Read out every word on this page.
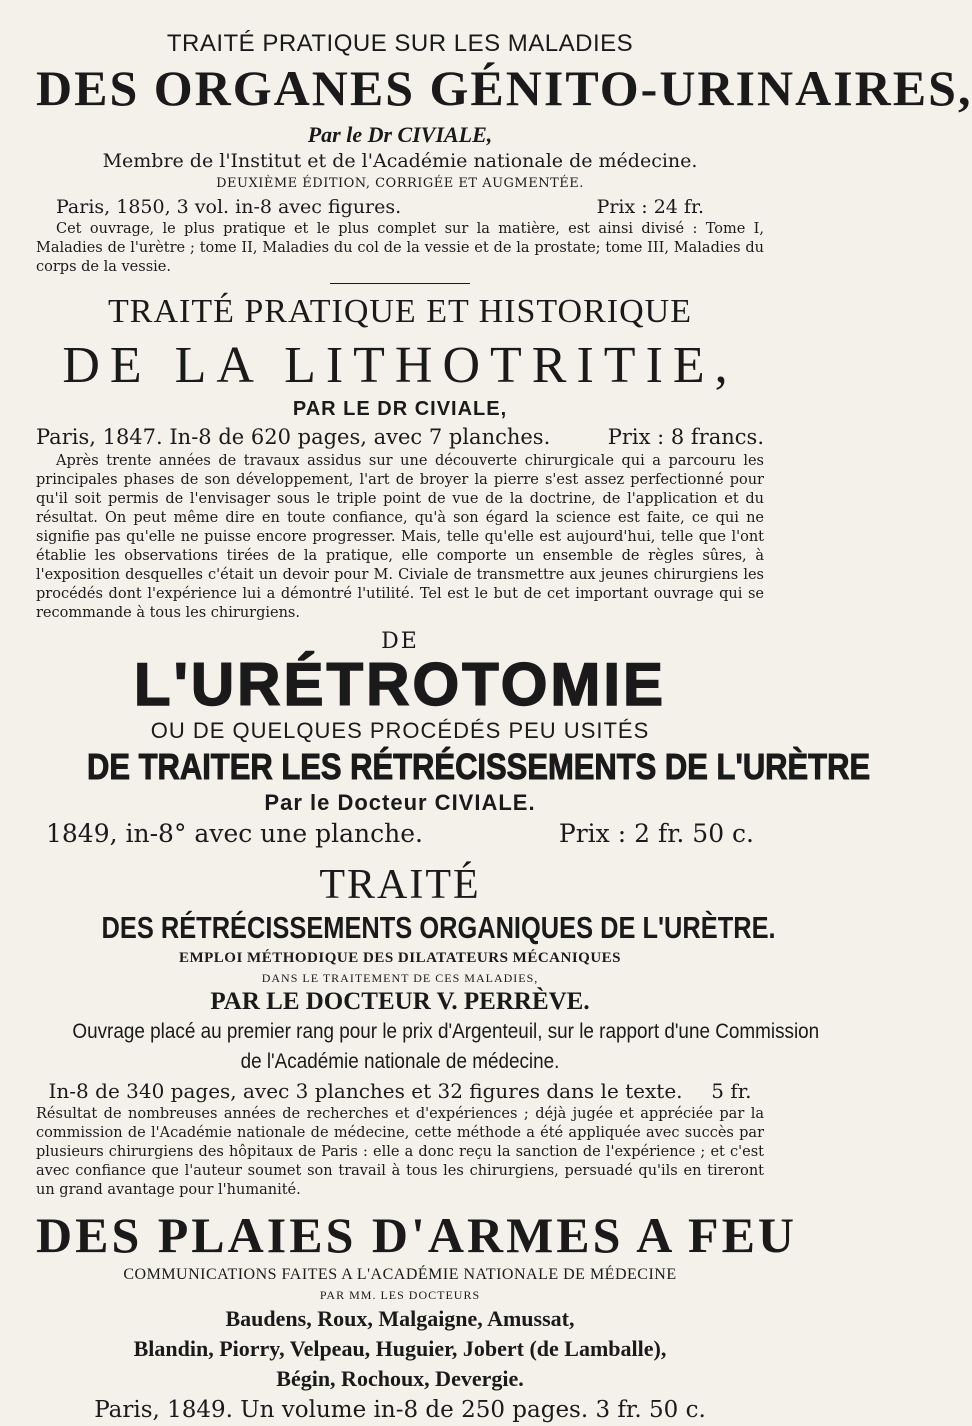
TRAITÉ PRATIQUE SUR LES MALADIES
DES ORGANES GÉNITO-URINAIRES,
Par le Dr CIVIALE,
Membre de l'Institut et de l'Académie nationale de médecine.
DEUXIÈME ÉDITION, CORRIGÉE ET AUGMENTÉE.
Paris, 1850, 3 vol. in-8 avec figures.	Prix : 24 fr.
Cet ouvrage, le plus pratique et le plus complet sur la matière, est ainsi divisé : Tome I, Maladies de l'urètre ; tome II, Maladies du col de la vessie et de la prostate; tome III, Maladies du corps de la vessie.
TRAITÉ PRATIQUE ET HISTORIQUE
DE LA LITHOTRITIE,
PAR LE DR CIVIALE,
Paris, 1847. In-8 de 620 pages, avec 7 planches.	Prix : 8 francs.
Après trente années de travaux assidus sur une découverte chirurgicale qui a parcouru les principales phases de son développement, l'art de broyer la pierre s'est assez perfectionné pour qu'il soit permis de l'envisager sous le triple point de vue de la doctrine, de l'application et du résultat. On peut même dire en toute confiance, qu'à son égard la science est faite, ce qui ne signifie pas qu'elle ne puisse encore progresser. Mais, telle qu'elle est aujourd'hui, telle que l'ont établie les observations tirées de la pratique, elle comporte un ensemble de règles sûres, à l'exposition desquelles c'était un devoir pour M. Civiale de transmettre aux jeunes chirurgiens les procédés dont l'expérience lui a démontré l'utilité. Tel est le but de cet important ouvrage qui se recommande à tous les chirurgiens.
DE
L'URÉTROTOMIE
OU DE QUELQUES PROCÉDÉS PEU USITÉS
DE TRAITER LES RÉTRÉCISSEMENTS DE L'URÈTRE
Par le Docteur CIVIALE.
1849, in-8° avec une planche.	Prix : 2 fr. 50 c.
TRAITÉ
DES RÉTRÉCISSEMENTS ORGANIQUES DE L'URÈTRE.
EMPLOI MÉTHODIQUE DES DILATATEURS MÉCANIQUES
DANS LE TRAITEMENT DE CES MALADIES,
PAR LE DOCTEUR V. PERRÈVE.
Ouvrage placé au premier rang pour le prix d'Argenteuil, sur le rapport d'une Commission
de l'Académie nationale de médecine.
In-8 de 340 pages, avec 3 planches et 32 figures dans le texte. 5 fr.
Résultat de nombreuses années de recherches et d'expériences ; déjà jugée et appréciée par la commission de l'Académie nationale de médecine, cette méthode a été appliquée avec succès par plusieurs chirurgiens des hôpitaux de Paris : elle a donc reçu la sanction de l'expérience ; et c'est avec confiance que l'auteur soumet son travail à tous les chirurgiens, persuadé qu'ils en tireront un grand avantage pour l'humanité.
DES PLAIES D'ARMES A FEU
COMMUNICATIONS FAITES A L'ACADÉMIE NATIONALE DE MÉDECINE
PAR MM. LES DOCTEURS
Baudens, Roux, Malgaigne, Amussat,
Blandin, Piorry, Velpeau, Huguier, Jobert (de Lamballe),
Bégin, Rochoux, Devergie.
Paris, 1849. Un volume in-8 de 250 pages. 3 fr. 50 c.
